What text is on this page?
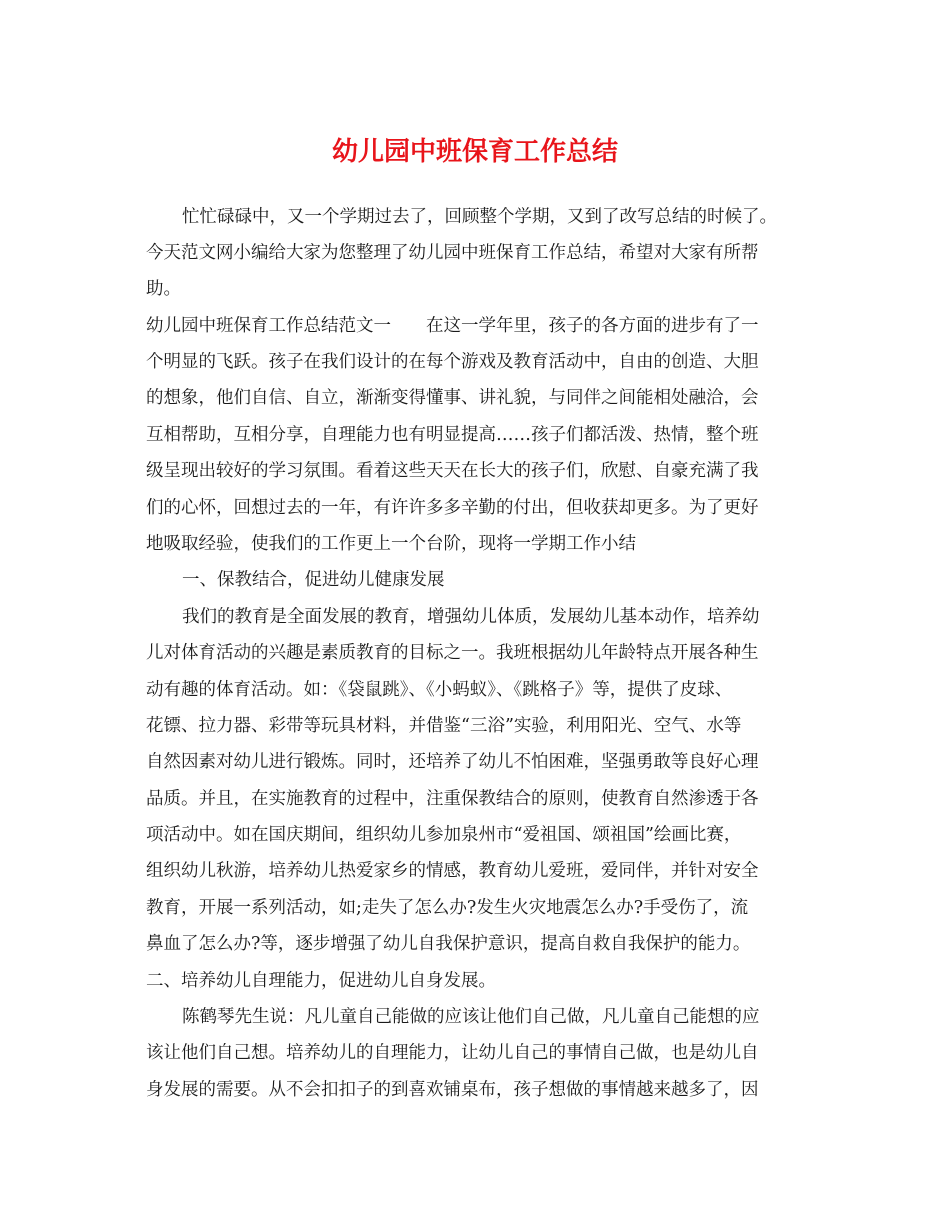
幼儿园中班保育工作总结

忙忙碌碌中，又一个学期过去了，回顾整个学期，又到了改写总结的时候了。

今天范文网小编给大家为您整理了幼儿园中班保育工作总结，希望对大家有所帮

助。

幼儿园中班保育工作总结范文一　　在这一学年里，孩子的各方面的进步有了一

个明显的飞跃。孩子在我们设计的在每个游戏及教育活动中，自由的创造、大胆

的想象，他们自信、自立，渐渐变得懂事、讲礼貌，与同伴之间能相处融洽，会

互相帮助，互相分享，自理能力也有明显提高……孩子们都活泼、热情，整个班

级呈现出较好的学习氛围。看着这些天天在长大的孩子们，欣慰、自豪充满了我

们的心怀，回想过去的一年，有许许多多辛勤的付出，但收获却更多。为了更好

地吸取经验，使我们的工作更上一个台阶，现将一学期工作小结

一、保教结合，促进幼儿健康发展

我们的教育是全面发展的教育，增强幼儿体质，发展幼儿基本动作，培养幼

儿对体育活动的兴趣是素质教育的目标之一。我班根据幼儿年龄特点开展各种生

动有趣的体育活动。如：《袋鼠跳》、《小蚂蚁》、《跳格子》等，提供了皮球、

花镖、拉力器、彩带等玩具材料，并借鉴“三浴”实验，利用阳光、空气、水等

自然因素对幼儿进行锻炼。同时，还培养了幼儿不怕困难，坚强勇敢等良好心理

品质。并且，在实施教育的过程中，注重保教结合的原则，使教育自然渗透于各

项活动中。如在国庆期间，组织幼儿参加泉州市“爱祖国、颂祖国”绘画比赛，

组织幼儿秋游，培养幼儿热爱家乡的情感，教育幼儿爱班，爱同伴，并针对安全

教育，开展一系列活动，如;走失了怎么办?发生火灾地震怎么办?手受伤了，流

鼻血了怎么办?等，逐步增强了幼儿自我保护意识，提高自救自我保护的能力。

二、培养幼儿自理能力，促进幼儿自身发展。

陈鹤琴先生说：凡儿童自己能做的应该让他们自己做，凡儿童自己能想的应

该让他们自己想。培养幼儿的自理能力，让幼儿自己的事情自己做，也是幼儿自

身发展的需要。从不会扣扣子的到喜欢铺桌布，孩子想做的事情越来越多了，因
